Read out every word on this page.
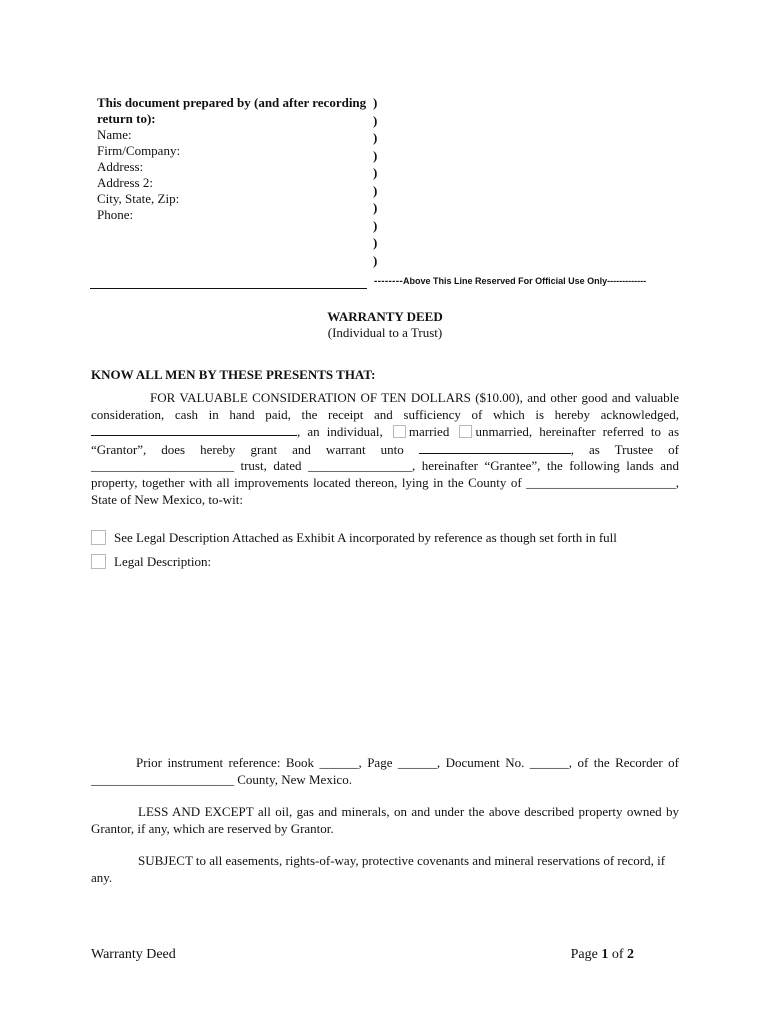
This document prepared by (and after recording
return to):
Name:
Firm/Company:
Address:
Address 2:
City, State, Zip:
Phone:
)
)
)
)
)
)
)
)
)
)
--------Above This Line Reserved For Official Use Only-------------
WARRANTY DEED
(Individual to a Trust)
KNOW ALL MEN BY THESE PRESENTS THAT:
FOR VALUABLE CONSIDERATION OF TEN DOLLARS ($10.00), and other good and valuable consideration, cash in hand paid, the receipt and sufficiency of which is hereby acknowledged, , an individual, married unmarried, hereinafter referred to as “Grantor”, does hereby grant and warrant unto	, as Trustee of ______________________ trust, dated ________________, hereinafter “Grantee”, the following lands and property, together with all improvements located thereon, lying in the County of _______________________, State of New Mexico, to-wit:
See Legal Description Attached as Exhibit A incorporated by reference as though set forth in full
Legal Description:
Prior instrument reference: Book ______, Page ______, Document No. ______, of the Recorder of ______________________ County, New Mexico.
LESS AND EXCEPT all oil, gas and minerals, on and under the above described property owned by Grantor, if any, which are reserved by Grantor.
SUBJECT to all easements, rights-of-way, protective covenants and mineral reservations of record, if any.
Warranty Deed	Page 1 of 2
